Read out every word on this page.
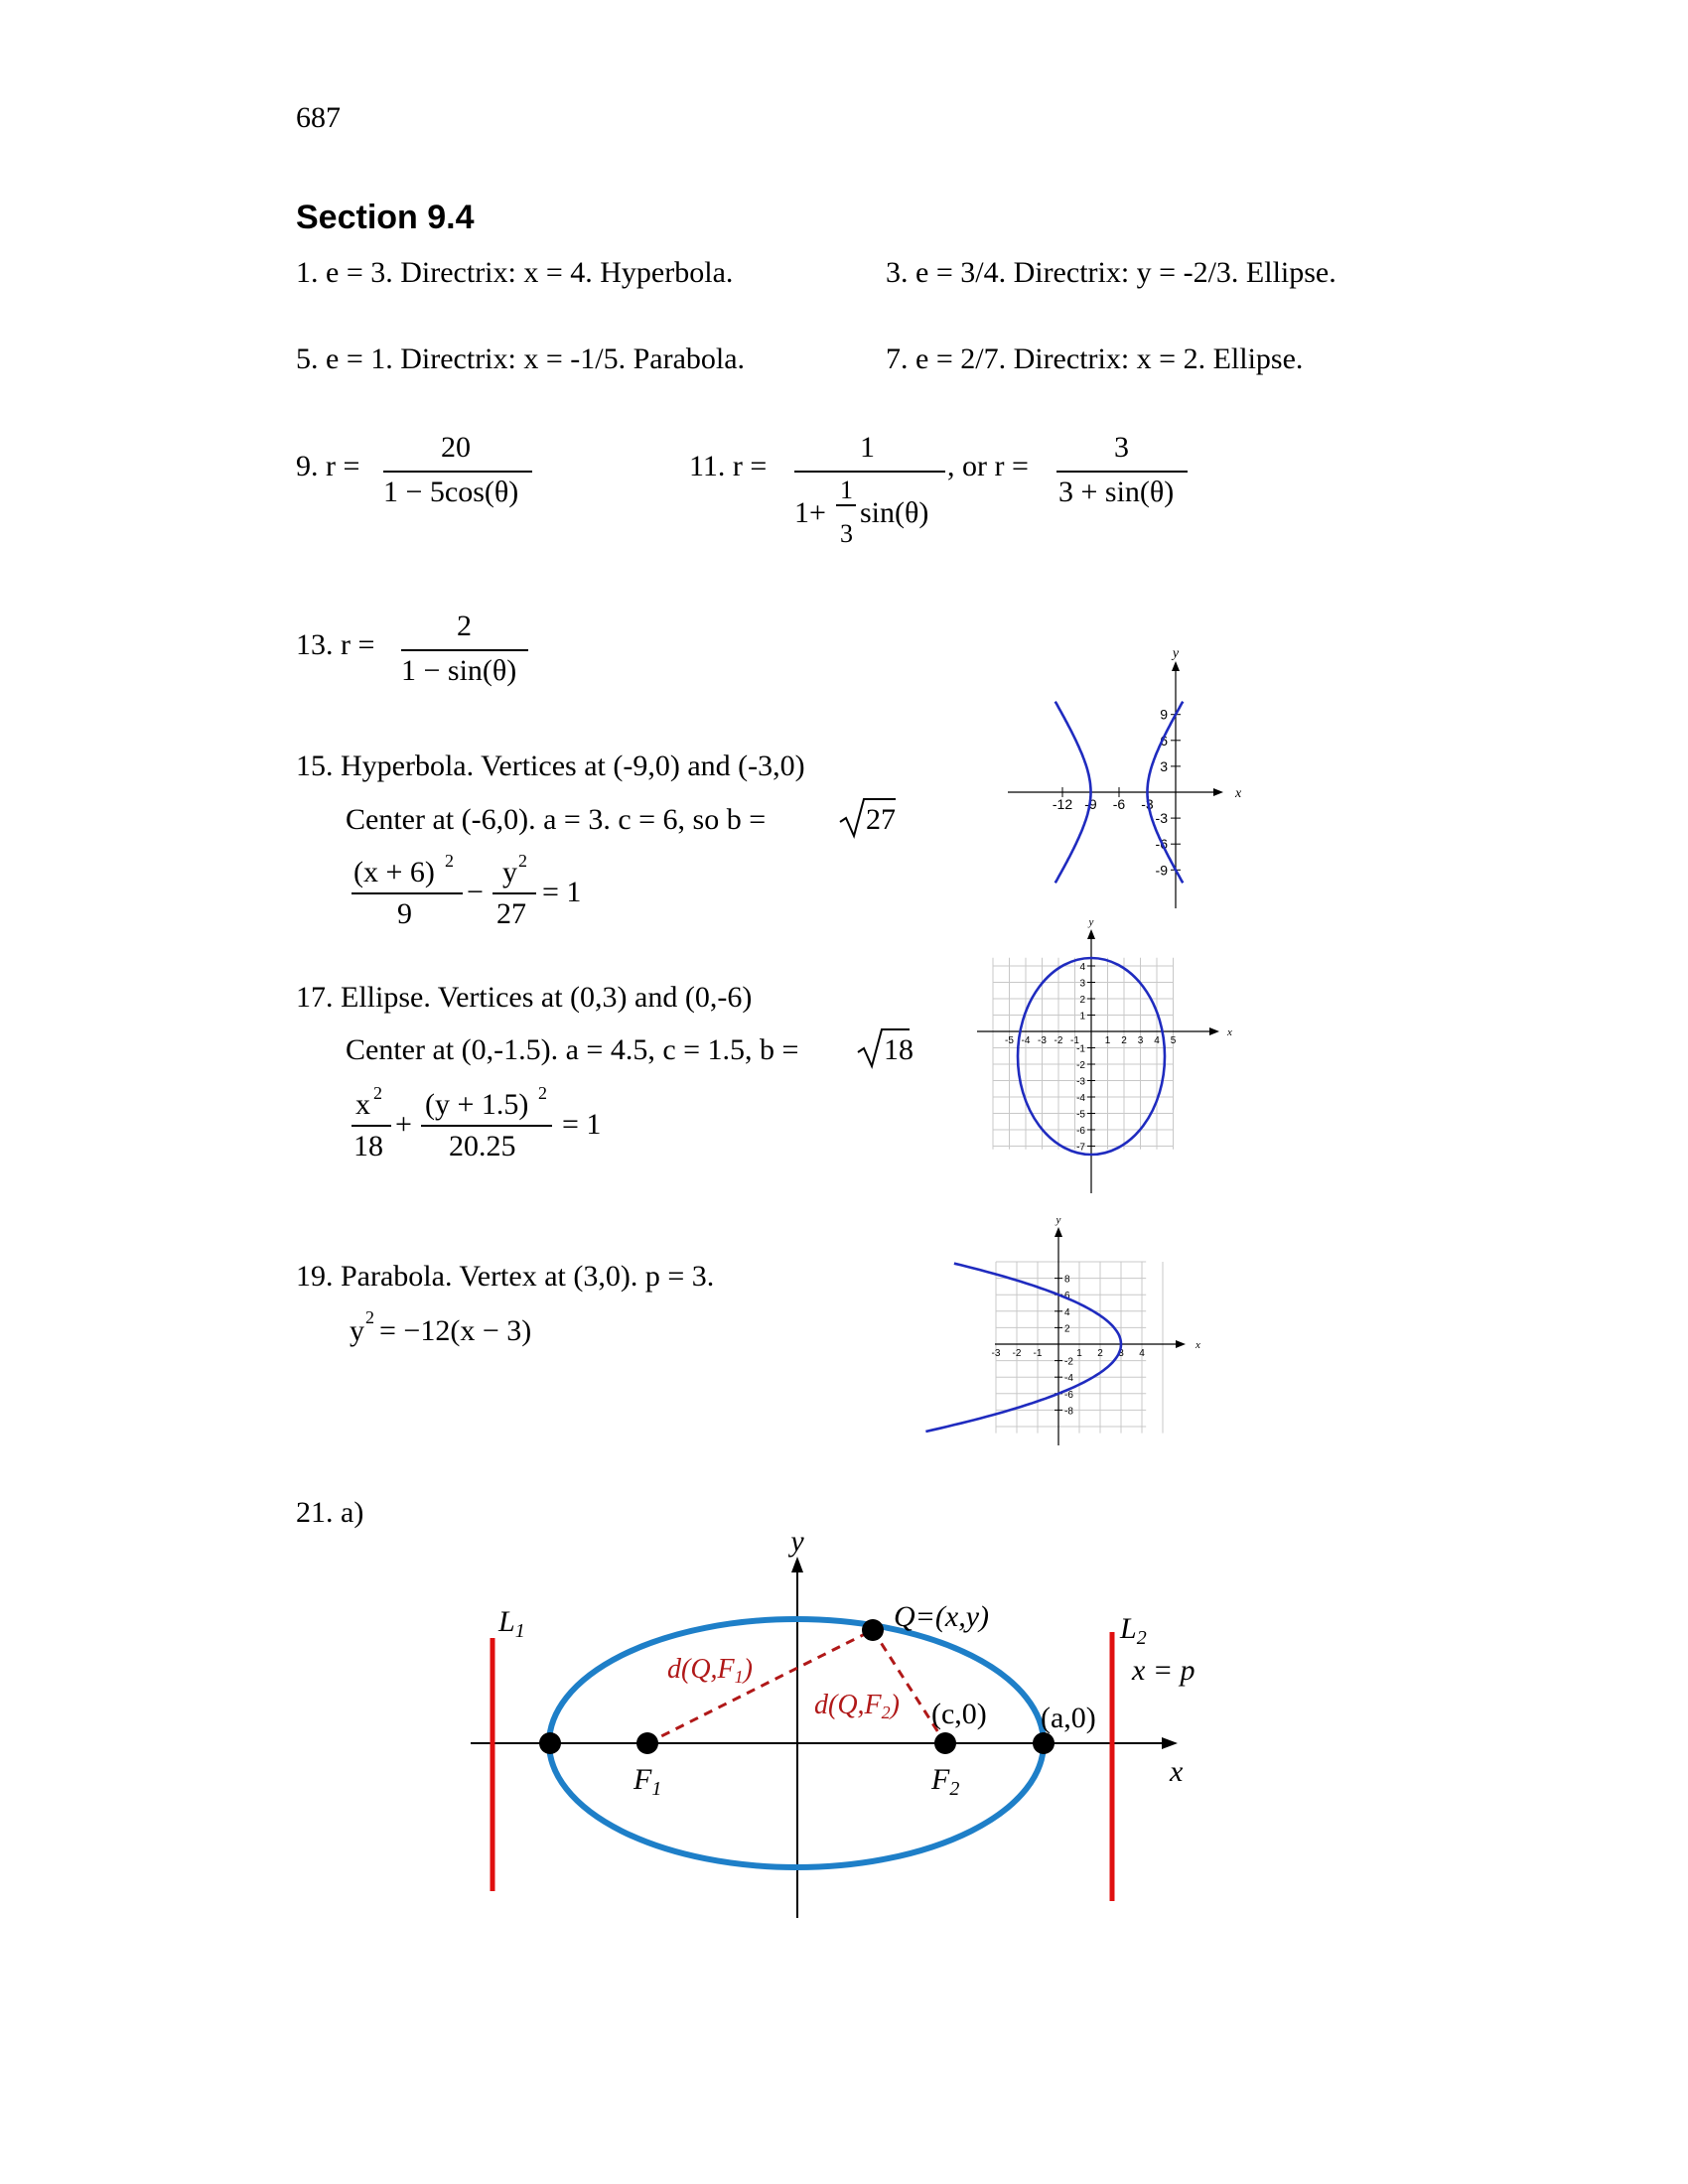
687
Section 9.4
1. e = 3. Directrix: x = 4. Hyperbola.	3. e = 3/4. Directrix: y = -2/3. Ellipse.
5. e = 1. Directrix: x = -1/5. Parabola.	7. e = 2/7. Directrix: x = 2. Ellipse.
9. r =
20
1 − 5cos(θ)
11. r =
1
1+
1
3
sin(θ)
, or r =
3
3 + sin(θ)
13. r =
2
1 − sin(θ)
15. Hyperbola. Vertices at (-9,0) and (-3,0)
Center at (-6,0). a = 3. c = 6, so b =	27
(x + 6) 2
9
−
y 2
27
= 1
17. Ellipse. Vertices at (0,3) and (0,-6)
Center at (0,-1.5). a = 4.5, c = 1.5, b =	18
x 2
18
+
(y + 1.5) 2
20.25
= 1
19. Parabola. Vertex at (3,0). p = 3.
y 2 = −12(x − 3)
21. a)
-12 -9 -6 -3
9
6
3
-3
-6
-9
y
x
-5 -4 -3 -2 -1	1 2 3 4 5
4
3
2
1
-1
-2
-3
-4
-5
-6
-7
y
x
-3 -2 -1	1 2 3 4
8
6
4
2
-2
-4
-6
-8
y
x
y
x
$L_1$	$L_2$
x = p
Q=(x,y)
d(Q,F1)
d(Q,F2) (c,0) (a,0)
$F_1$	$F_2$
